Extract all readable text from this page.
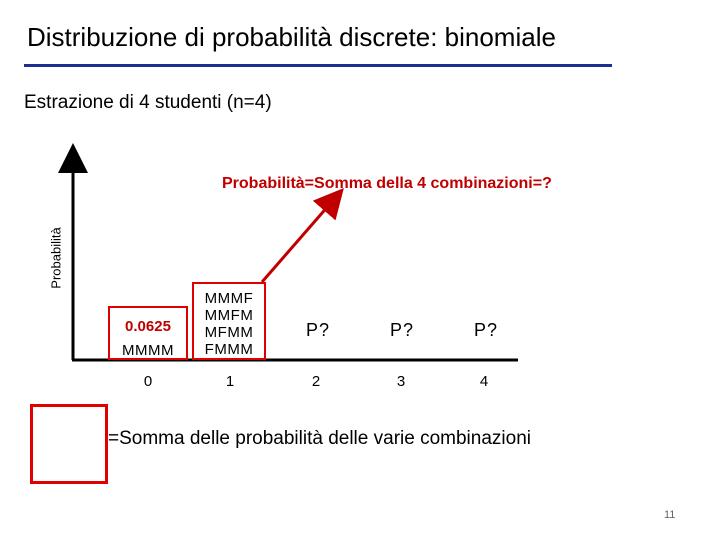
Distribuzione di probabilità discrete: binomiale
Estrazione di 4 studenti (n=4)
Probabilità=Somma della 4 combinazioni=?
Probabilità
0.0625
MMMM
MMMF
MMFM
MFMM
FMMM
P?	P?	P?
0	1	2	3	4
=Somma delle probabilità delle varie combinazioni
11
